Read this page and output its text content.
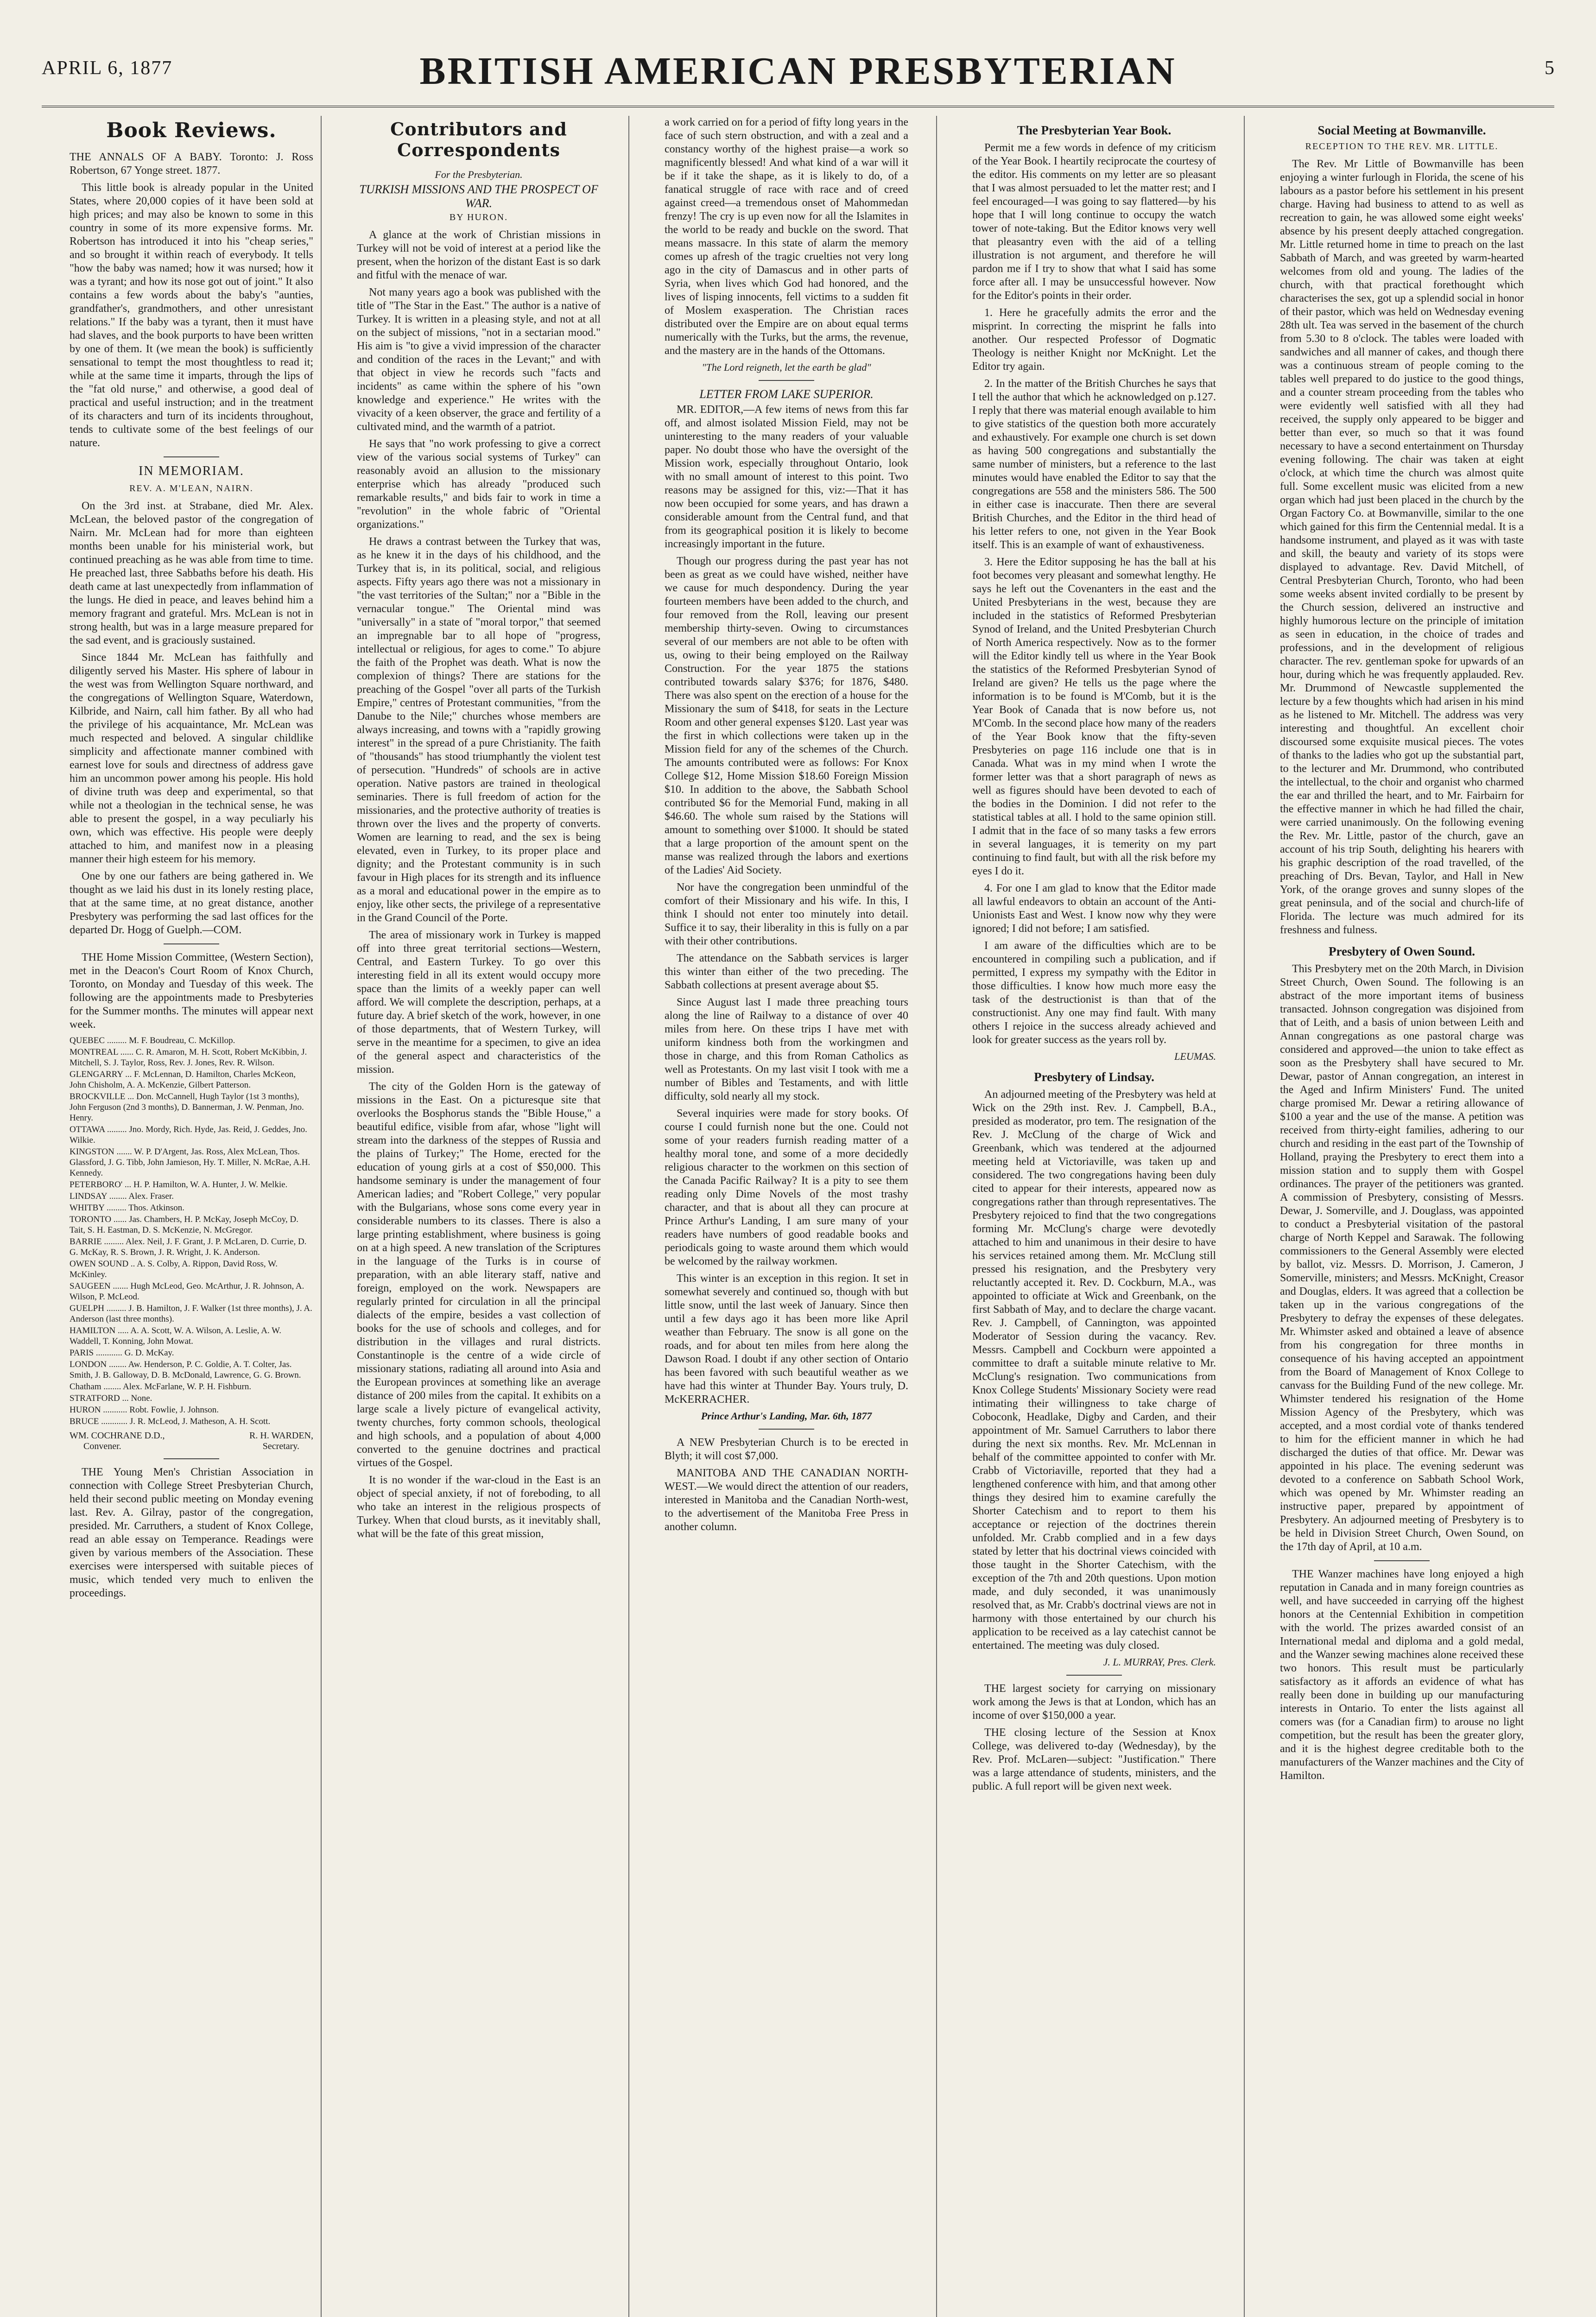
APRIL 6, 1877	BRITISH AMERICAN PRESBYTERIAN	5
Book Reviews.

THE ANNALS OF A BABY. Toronto: J. Ross Robertson, 67 Yonge street. 1877.

This little book is already popular in the United States, where 20,000 copies of it have been sold at high prices; and may also be known to some in this country in some of its more expensive forms. Mr. Robertson has introduced it into his "cheap series," and so brought it within reach of everybody. It tells "how the baby was named; how it was nursed; how it was a tyrant; and how its nose got out of joint." It also contains a few words about the baby's "aunties, grandfather's, grandmothers, and other unresistant relations." If the baby was a tyrant, then it must have had slaves, and the book purports to have been written by one of them. It (we mean the book) is sufficiently sensational to tempt the most thoughtless to read it; while at the same time it imparts, through the lips of the "fat old nurse," and otherwise, a good deal of practical and useful instruction; and in the treatment of its characters and turn of its incidents throughout, tends to cultivate some of the best feelings of our nature.

IN MEMORIAM.
REV. A. M'LEAN, NAIRN.

On the 3rd inst. at Strabane, died Mr. Alex. McLean, the beloved pastor of the congregation of Nairn. Mr. McLean had for more than eighteen months been unable for his ministerial work, but continued preaching as he was able from time to time. He preached last, three Sabbaths before his death. His death came at last unexpectedly from inflammation of the lungs. He died in peace, and leaves behind him a memory fragrant and grateful. Mrs. McLean is not in strong health, but was in a large measure prepared for the sad event, and is graciously sustained.

Since 1844 Mr. McLean has faithfully and diligently served his Master. His sphere of labour in the west was from Wellington Square northward, and the congregations of Wellington Square, Waterdown, Kilbride, and Nairn, call him father. By all who had the privilege of his acquaintance, Mr. McLean was much respected and beloved. A singular childlike simplicity and affectionate manner combined with earnest love for souls and directness of address gave him an uncommon power among his people. His hold of divine truth was deep and experimental, so that while not a theologian in the technical sense, he was able to present the gospel, in a way peculiarly his own, which was effective. His people were deeply attached to him, and manifest now in a pleasing manner their high esteem for his memory.

One by one our fathers are being gathered in. We thought as we laid his dust in its lonely resting place, that at the same time, at no great distance, another Presbytery was performing the sad last offices for the departed Dr. Hogg of Guelph.—COM.

THE Home Mission Committee, (Western Section), met in the Deacon's Court Room of Knox Church, Toronto, on Monday and Tuesday of this week. The following are the appointments made to Presbyteries for the Summer months. The minutes will appear next week.

QUEBEC ......... M. F. Boudreau, C. McKillop.
MONTREAL ...... C. R. Amaron, M. H. Scott, Robert McKibbin, J. Mitchell, S. J. Taylor, Ross, Rev. J. Jones, Rev. R. Wilson.
GLENGARRY ... F. McLennan, D. Hamilton, Charles McKeon, John Chisholm, A. A. McKenzie, Gilbert Patterson.
BROCKVILLE ... Don. McCannell, Hugh Taylor (1st 3 months), John Ferguson (2nd 3 months), D. Bannerman, J. W. Penman, Jno. Henry.
OTTAWA ......... Jno. Mordy, Rich. Hyde, Jas. Reid, J. Geddes, Jno. Wilkie.
KINGSTON ....... W. P. D'Argent, Jas. Ross, Alex McLean, Thos. Glassford, J. G. Tibb, John Jamieson, Hy. T. Miller, N. McRae, A.H. Kennedy.
PETERBORO' ... H. P. Hamilton, W. A. Hunter, J. W. Melkie.
LINDSAY ........ Alex. Fraser.
WHITBY ......... Thos. Atkinson.
TORONTO ...... Jas. Chambers, H. P. McKay, Joseph McCoy, D. Tait, S. H. Eastman, D. S. McKenzie, N. McGregor.
BARRIE ......... Alex. Neil, J. F. Grant, J. P. McLaren, D. Currie, D. G. McKay, R. S. Brown, J. R. Wright, J. K. Anderson.
OWEN SOUND .. A. S. Colby, A. Rippon, David Ross, W. McKinley.
SAUGEEN ....... Hugh McLeod, Geo. McArthur, J. R. Johnson, A. Wilson, P. McLeod.
GUELPH ......... J. B. Hamilton, J. F. Walker (1st three months), J. A. Anderson (last three months).
HAMILTON ..... A. A. Scott, W. A. Wilson, A. Leslie, A. W. Waddell, T. Konning, John Mowat.
PARIS ............ G. D. McKay.
LONDON ........ Aw. Henderson, P. C. Goldie, A. T. Colter, Jas. Smith, J. B. Galloway, D. B. McDonald, Lawrence, G. G. Brown.
Chatham ........ Alex. McFarlane, W. P. H. Fishburn.
STRATFORD ... None.
HURON ........... Robt. Fowlie, J. Johnson.
BRUCE ............ J. R. McLeod, J. Matheson, A. H. Scott.
WM. COCHRANE D.D.,	R. H. WARDEN,
Convener.	Secretary.

THE Young Men's Christian Association in connection with College Street Presbyterian Church, held their second public meeting on Monday evening last. Rev. A. Gilray, pastor of the congregation, presided. Mr. Carruthers, a student of Knox College, read an able essay on Temperance. Readings were given by various members of the Association. These exercises were interspersed with suitable pieces of music, which tended very much to enliven the proceedings.

Contributors and Correspondents
For the Presbyterian.
TURKISH MISSIONS AND THE PROSPECT OF WAR.
BY HURON.

A glance at the work of Christian missions in Turkey will not be void of interest at a period like the present, when the horizon of the distant East is so dark and fitful with the menace of war.

Not many years ago a book was published with the title of "The Star in the East." The author is a native of Turkey. It is written in a pleasing style, and not at all on the subject of missions, "not in a sectarian mood." His aim is "to give a vivid impression of the character and condition of the races in the Levant;" and with that object in view he records such "facts and incidents" as came within the sphere of his "own knowledge and experience." He writes with the vivacity of a keen observer, the grace and fertility of a cultivated mind, and the warmth of a patriot.

He says that "no work professing to give a correct view of the various social systems of Turkey" can reasonably avoid an allusion to the missionary enterprise which has already "produced such remarkable results," and bids fair to work in time a "revolution" in the whole fabric of "Oriental organizations."

He draws a contrast between the Turkey that was, as he knew it in the days of his childhood, and the Turkey that is, in its political, social, and religious aspects. Fifty years ago there was not a missionary in "the vast territories of the Sultan;" nor a "Bible in the vernacular tongue." The Oriental mind was "universally" in a state of "moral torpor," that seemed an impregnable bar to all hope of "progress, intellectual or religious, for ages to come." To abjure the faith of the Prophet was death. What is now the complexion of things? There are stations for the preaching of the Gospel "over all parts of the Turkish Empire," centres of Protestant communities, "from the Danube to the Nile;" churches whose members are always increasing, and towns with a "rapidly growing interest" in the spread of a pure Christianity. The faith of "thousands" has stood triumphantly the violent test of persecution. "Hundreds" of schools are in active operation. Native pastors are trained in theological seminaries. There is full freedom of action for the missionaries, and the protective authority of treaties is thrown over the lives and the property of converts. Women are learning to read, and the sex is being elevated, even in Turkey, to its proper place and dignity; and the Protestant community is in such favour in High places for its strength and its influence as a moral and educational power in the empire as to enjoy, like other sects, the privilege of a representative in the Grand Council of the Porte.

The area of missionary work in Turkey is mapped off into three great territorial sections—Western, Central, and Eastern Turkey. To go over this interesting field in all its extent would occupy more space than the limits of a weekly paper can well afford. We will complete the description, perhaps, at a future day. A brief sketch of the work, however, in one of those departments, that of Western Turkey, will serve in the meantime for a specimen, to give an idea of the general aspect and characteristics of the mission.

The city of the Golden Horn is the gateway of missions in the East. On a picturesque site that overlooks the Bosphorus stands the "Bible House," a beautiful edifice, visible from afar, whose "light will stream into the darkness of the steppes of Russia and the plains of Turkey;" The Home, erected for the education of young girls at a cost of $50,000. This handsome seminary is under the management of four American ladies; and "Robert College," very popular with the Bulgarians, whose sons come every year in considerable numbers to its classes. There is also a large printing establishment, where business is going on at a high speed. A new translation of the Scriptures in the language of the Turks is in course of preparation, with an able literary staff, native and foreign, employed on the work. Newspapers are regularly printed for circulation in all the principal dialects of the empire, besides a vast collection of books for the use of schools and colleges, and for distribution in the villages and rural districts. Constantinople is the centre of a wide circle of missionary stations, radiating all around into Asia and the European provinces at something like an average distance of 200 miles from the capital. It exhibits on a large scale a lively picture of evangelical activity, twenty churches, forty common schools, theological and high schools, and a population of about 4,000 converted to the genuine doctrines and practical virtues of the Gospel.

It is no wonder if the war-cloud in the East is an object of special anxiety, if not of foreboding, to all who take an interest in the religious prospects of Turkey. When that cloud bursts, as it inevitably shall, what will be the fate of this great mission,

a work carried on for a period of fifty long years in the face of such stern obstruction, and with a zeal and a constancy worthy of the highest praise—a work so magnificently blessed! And what kind of a war will it be if it take the shape, as it is likely to do, of a fanatical struggle of race with race and of creed against creed—a tremendous onset of Mahommedan frenzy! The cry is up even now for all the Islamites in the world to be ready and buckle on the sword. That means massacre. In this state of alarm the memory comes up afresh of the tragic cruelties not very long ago in the city of Damascus and in other parts of Syria, when lives which God had honored, and the lives of lisping innocents, fell victims to a sudden fit of Moslem exasperation. The Christian races distributed over the Empire are on about equal terms numerically with the Turks, but the arms, the revenue, and the mastery are in the hands of the Ottomans.

"The Lord reigneth, let the earth be glad"
LETTER FROM LAKE SUPERIOR.

MR. EDITOR,—A few items of news from this far off, and almost isolated Mission Field, may not be uninteresting to the many readers of your valuable paper. No doubt those who have the oversight of the Mission work, especially throughout Ontario, look with no small amount of interest to this point. Two reasons may be assigned for this, viz:—That it has now been occupied for some years, and has drawn a considerable amount from the Central fund, and that from its geographical position it is likely to become increasingly important in the future.

Though our progress during the past year has not been as great as we could have wished, neither have we cause for much despondency. During the year fourteen members have been added to the church, and four removed from the Roll, leaving our present membership thirty-seven. Owing to circumstances several of our members are not able to be often with us, owing to their being employed on the Railway Construction. For the year 1875 the stations contributed towards salary $376; for 1876, $480. There was also spent on the erection of a house for the Missionary the sum of $418, for seats in the Lecture Room and other general expenses $120. Last year was the first in which collections were taken up in the Mission field for any of the schemes of the Church. The amounts contributed were as follows: For Knox College $12, Home Mission $18.60 Foreign Mission $10. In addition to the above, the Sabbath School contributed $6 for the Memorial Fund, making in all $46.60. The whole sum raised by the Stations will amount to something over $1000. It should be stated that a large proportion of the amount spent on the manse was realized through the labors and exertions of the Ladies' Aid Society.

Nor have the congregation been unmindful of the comfort of their Missionary and his wife. In this, I think I should not enter too minutely into detail. Suffice it to say, their liberality in this is fully on a par with their other contributions.

The attendance on the Sabbath services is larger this winter than either of the two preceding. The Sabbath collections at present average about $5.

Since August last I made three preaching tours along the line of Railway to a distance of over 40 miles from here. On these trips I have met with uniform kindness both from the workingmen and those in charge, and this from Roman Catholics as well as Protestants. On my last visit I took with me a number of Bibles and Testaments, and with little difficulty, sold nearly all my stock.

Several inquiries were made for story books. Of course I could furnish none but the one. Could not some of your readers furnish reading matter of a healthy moral tone, and some of a more decidedly religious character to the workmen on this section of the Canada Pacific Railway? It is a pity to see them reading only Dime Novels of the most trashy character, and that is about all they can procure at Prince Arthur's Landing, I am sure many of your readers have numbers of good readable books and periodicals going to waste around them which would be welcomed by the railway workmen.

This winter is an exception in this region. It set in somewhat severely and continued so, though with but little snow, until the last week of January. Since then until a few days ago it has been more like April weather than February. The snow is all gone on the roads, and for about ten miles from here along the Dawson Road. I doubt if any other section of Ontario has been favored with such beautiful weather as we have had this winter at Thunder Bay. Yours truly, D. McKERRACHER.

Prince Arthur's Landing, Mar. 6th, 1877

A NEW Presbyterian Church is to be erected in Blyth; it will cost $7,000.

MANITOBA AND THE CANADIAN NORTH-WEST.—We would direct the attention of our readers, interested in Manitoba and the Canadian North-west, to the advertisement of the Manitoba Free Press in another column.

The Presbyterian Year Book.

Permit me a few words in defence of my criticism of the Year Book. I heartily reciprocate the courtesy of the editor. His comments on my letter are so pleasant that I was almost persuaded to let the matter rest; and I feel encouraged—I was going to say flattered—by his hope that I will long continue to occupy the watch tower of note-taking. But the Editor knows very well that pleasantry even with the aid of a telling illustration is not argument, and therefore he will pardon me if I try to show that what I said has some force after all. I may be unsuccessful however. Now for the Editor's points in their order.

1. Here he gracefully admits the error and the misprint. In correcting the misprint he falls into another. Our respected Professor of Dogmatic Theology is neither Knight nor McKnight. Let the Editor try again.

2. In the matter of the British Churches he says that I tell the author that which he acknowledged on p.127. I reply that there was material enough available to him to give statistics of the question both more accurately and exhaustively. For example one church is set down as having 500 congregations and substantially the same number of ministers, but a reference to the last minutes would have enabled the Editor to say that the congregations are 558 and the ministers 586. The 500 in either case is inaccurate. Then there are several British Churches, and the Editor in the third head of his letter refers to one, not given in the Year Book itself. This is an example of want of exhaustiveness.

3. Here the Editor supposing he has the ball at his foot becomes very pleasant and somewhat lengthy. He says he left out the Covenanters in the east and the United Presbyterians in the west, because they are included in the statistics of Reformed Presbyterian Synod of Ireland, and the United Presbyterian Church of North America respectively. Now as to the former will the Editor kindly tell us where in the Year Book the statistics of the Reformed Presbyterian Synod of Ireland are given? He tells us the page where the information is to be found is M'Comb, but it is the Year Book of Canada that is now before us, not M'Comb. In the second place how many of the readers of the Year Book know that the fifty-seven Presbyteries on page 116 include one that is in Canada. What was in my mind when I wrote the former letter was that a short paragraph of news as well as figures should have been devoted to each of the bodies in the Dominion. I did not refer to the statistical tables at all. I hold to the same opinion still. I admit that in the face of so many tasks a few errors in several languages, it is temerity on my part continuing to find fault, but with all the risk before my eyes I do it.

4. For one I am glad to know that the Editor made all lawful endeavors to obtain an account of the Anti-Unionists East and West. I know now why they were ignored; I did not before; I am satisfied.

I am aware of the difficulties which are to be encountered in compiling such a publication, and if permitted, I express my sympathy with the Editor in those difficulties. I know how much more easy the task of the destructionist is than that of the constructionist. Any one may find fault. With many others I rejoice in the success already achieved and look for greater success as the years roll by.

LEUMAS.
Presbytery of Lindsay.

An adjourned meeting of the Presbytery was held at Wick on the 29th inst. Rev. J. Campbell, B.A., presided as moderator, pro tem. The resignation of the Rev. J. McClung of the charge of Wick and Greenbank, which was tendered at the adjourned meeting held at Victoriaville, was taken up and considered. The two congregations having been duly cited to appear for their interests, appeared now as congregations rather than through representatives. The Presbytery rejoiced to find that the two congregations forming Mr. McClung's charge were devotedly attached to him and unanimous in their desire to have his services retained among them. Mr. McClung still pressed his resignation, and the Presbytery very reluctantly accepted it. Rev. D. Cockburn, M.A., was appointed to officiate at Wick and Greenbank, on the first Sabbath of May, and to declare the charge vacant. Rev. J. Campbell, of Cannington, was appointed Moderator of Session during the vacancy. Rev. Messrs. Campbell and Cockburn were appointed a committee to draft a suitable minute relative to Mr. McClung's resignation. Two communications from Knox College Students' Missionary Society were read intimating their willingness to take charge of Coboconk, Headlake, Digby and Carden, and their appointment of Mr. Samuel Carruthers to labor there during the next six months. Rev. Mr. McLennan in behalf of the committee appointed to confer with Mr. Crabb of Victoriaville, reported that they had a lengthened conference with him, and that among other things they desired him to examine carefully the Shorter Catechism and to report to them his acceptance or rejection of the doctrines therein unfolded. Mr. Crabb complied and in a few days stated by letter that his doctrinal views coincided with those taught in the Shorter Catechism, with the exception of the 7th and 20th questions. Upon motion made, and duly seconded, it was unanimously resolved that, as Mr. Crabb's doctrinal views are not in harmony with those entertained by our church his application to be received as a lay catechist cannot be entertained. The meeting was duly closed.

J. L. MURRAY, Pres. Clerk.

THE largest society for carrying on missionary work among the Jews is that at London, which has an income of over $150,000 a year.

THE closing lecture of the Session at Knox College, was delivered to-day (Wednesday), by the Rev. Prof. McLaren—subject: "Justification." There was a large attendance of students, ministers, and the public. A full report will be given next week.

Social Meeting at Bowmanville.
RECEPTION TO THE REV. MR. LITTLE.

The Rev. Mr Little of Bowmanville has been enjoying a winter furlough in Florida, the scene of his labours as a pastor before his settlement in his present charge. Having had business to attend to as well as recreation to gain, he was allowed some eight weeks' absence by his present deeply attached congregation. Mr. Little returned home in time to preach on the last Sabbath of March, and was greeted by warm-hearted welcomes from old and young. The ladies of the church, with that practical forethought which characterises the sex, got up a splendid social in honor of their pastor, which was held on Wednesday evening 28th ult. Tea was served in the basement of the church from 5.30 to 8 o'clock. The tables were loaded with sandwiches and all manner of cakes, and though there was a continuous stream of people coming to the tables well prepared to do justice to the good things, and a counter stream proceeding from the tables who were evidently well satisfied with all they had received, the supply only appeared to be bigger and better than ever, so much so that it was found necessary to have a second entertainment on Thursday evening following. The chair was taken at eight o'clock, at which time the church was almost quite full. Some excellent music was elicited from a new organ which had just been placed in the church by the Organ Factory Co. at Bowmanville, similar to the one which gained for this firm the Centennial medal. It is a handsome instrument, and played as it was with taste and skill, the beauty and variety of its stops were displayed to advantage. Rev. David Mitchell, of Central Presbyterian Church, Toronto, who had been some weeks absent invited cordially to be present by the Church session, delivered an instructive and highly humorous lecture on the principle of imitation as seen in education, in the choice of trades and professions, and in the development of religious character. The rev. gentleman spoke for upwards of an hour, during which he was frequently applauded. Rev. Mr. Drummond of Newcastle supplemented the lecture by a few thoughts which had arisen in his mind as he listened to Mr. Mitchell. The address was very interesting and thoughtful. An excellent choir discoursed some exquisite musical pieces. The votes of thanks to the ladies who got up the substantial part, to the lecturer and Mr. Drummond, who contributed the intellectual, to the choir and organist who charmed the ear and thrilled the heart, and to Mr. Fairbairn for the effective manner in which he had filled the chair, were carried unanimously. On the following evening the Rev. Mr. Little, pastor of the church, gave an account of his trip South, delighting his hearers with his graphic description of the road travelled, of the preaching of Drs. Bevan, Taylor, and Hall in New York, of the orange groves and sunny slopes of the great peninsula, and of the social and church-life of Florida. The lecture was much admired for its freshness and fulness.

Presbytery of Owen Sound.

This Presbytery met on the 20th March, in Division Street Church, Owen Sound. The following is an abstract of the more important items of business transacted. Johnson congregation was disjoined from that of Leith, and a basis of union between Leith and Annan congregations as one pastoral charge was considered and approved—the union to take effect as soon as the Presbytery shall have secured to Mr. Dewar, pastor of Annan congregation, an interest in the Aged and Infirm Ministers' Fund. The united charge promised Mr. Dewar a retiring allowance of $100 a year and the use of the manse. A petition was received from thirty-eight families, adhering to our church and residing in the east part of the Township of Holland, praying the Presbytery to erect them into a mission station and to supply them with Gospel ordinances. The prayer of the petitioners was granted. A commission of Presbytery, consisting of Messrs. Dewar, J. Somerville, and J. Douglass, was appointed to conduct a Presbyterial visitation of the pastoral charge of North Keppel and Sarawak. The following commissioners to the General Assembly were elected by ballot, viz. Messrs. D. Morrison, J. Cameron, J Somerville, ministers; and Messrs. McKnight, Creasor and Douglas, elders. It was agreed that a collection be taken up in the various congregations of the Presbytery to defray the expenses of these delegates. Mr. Whimster asked and obtained a leave of absence from his congregation for three months in consequence of his having accepted an appointment from the Board of Management of Knox College to canvass for the Building Fund of the new college. Mr. Whimster tendered his resignation of the Home Mission Agency of the Presbytery, which was accepted, and a most cordial vote of thanks tendered to him for the efficient manner in which he had discharged the duties of that office. Mr. Dewar was appointed in his place. The evening sederunt was devoted to a conference on Sabbath School Work, which was opened by Mr. Whimster reading an instructive paper, prepared by appointment of Presbytery. An adjourned meeting of Presbytery is to be held in Division Street Church, Owen Sound, on the 17th day of April, at 10 a.m.

THE Wanzer machines have long enjoyed a high reputation in Canada and in many foreign countries as well, and have succeeded in carrying off the highest honors at the Centennial Exhibition in competition with the world. The prizes awarded consist of an International medal and diploma and a gold medal, and the Wanzer sewing machines alone received these two honors. This result must be particularly satisfactory as it affords an evidence of what has really been done in building up our manufacturing interests in Ontario. To enter the lists against all comers was (for a Canadian firm) to arouse no light competition, but the result has been the greater glory, and it is the highest degree creditable both to the manufacturers of the Wanzer machines and the City of Hamilton.
